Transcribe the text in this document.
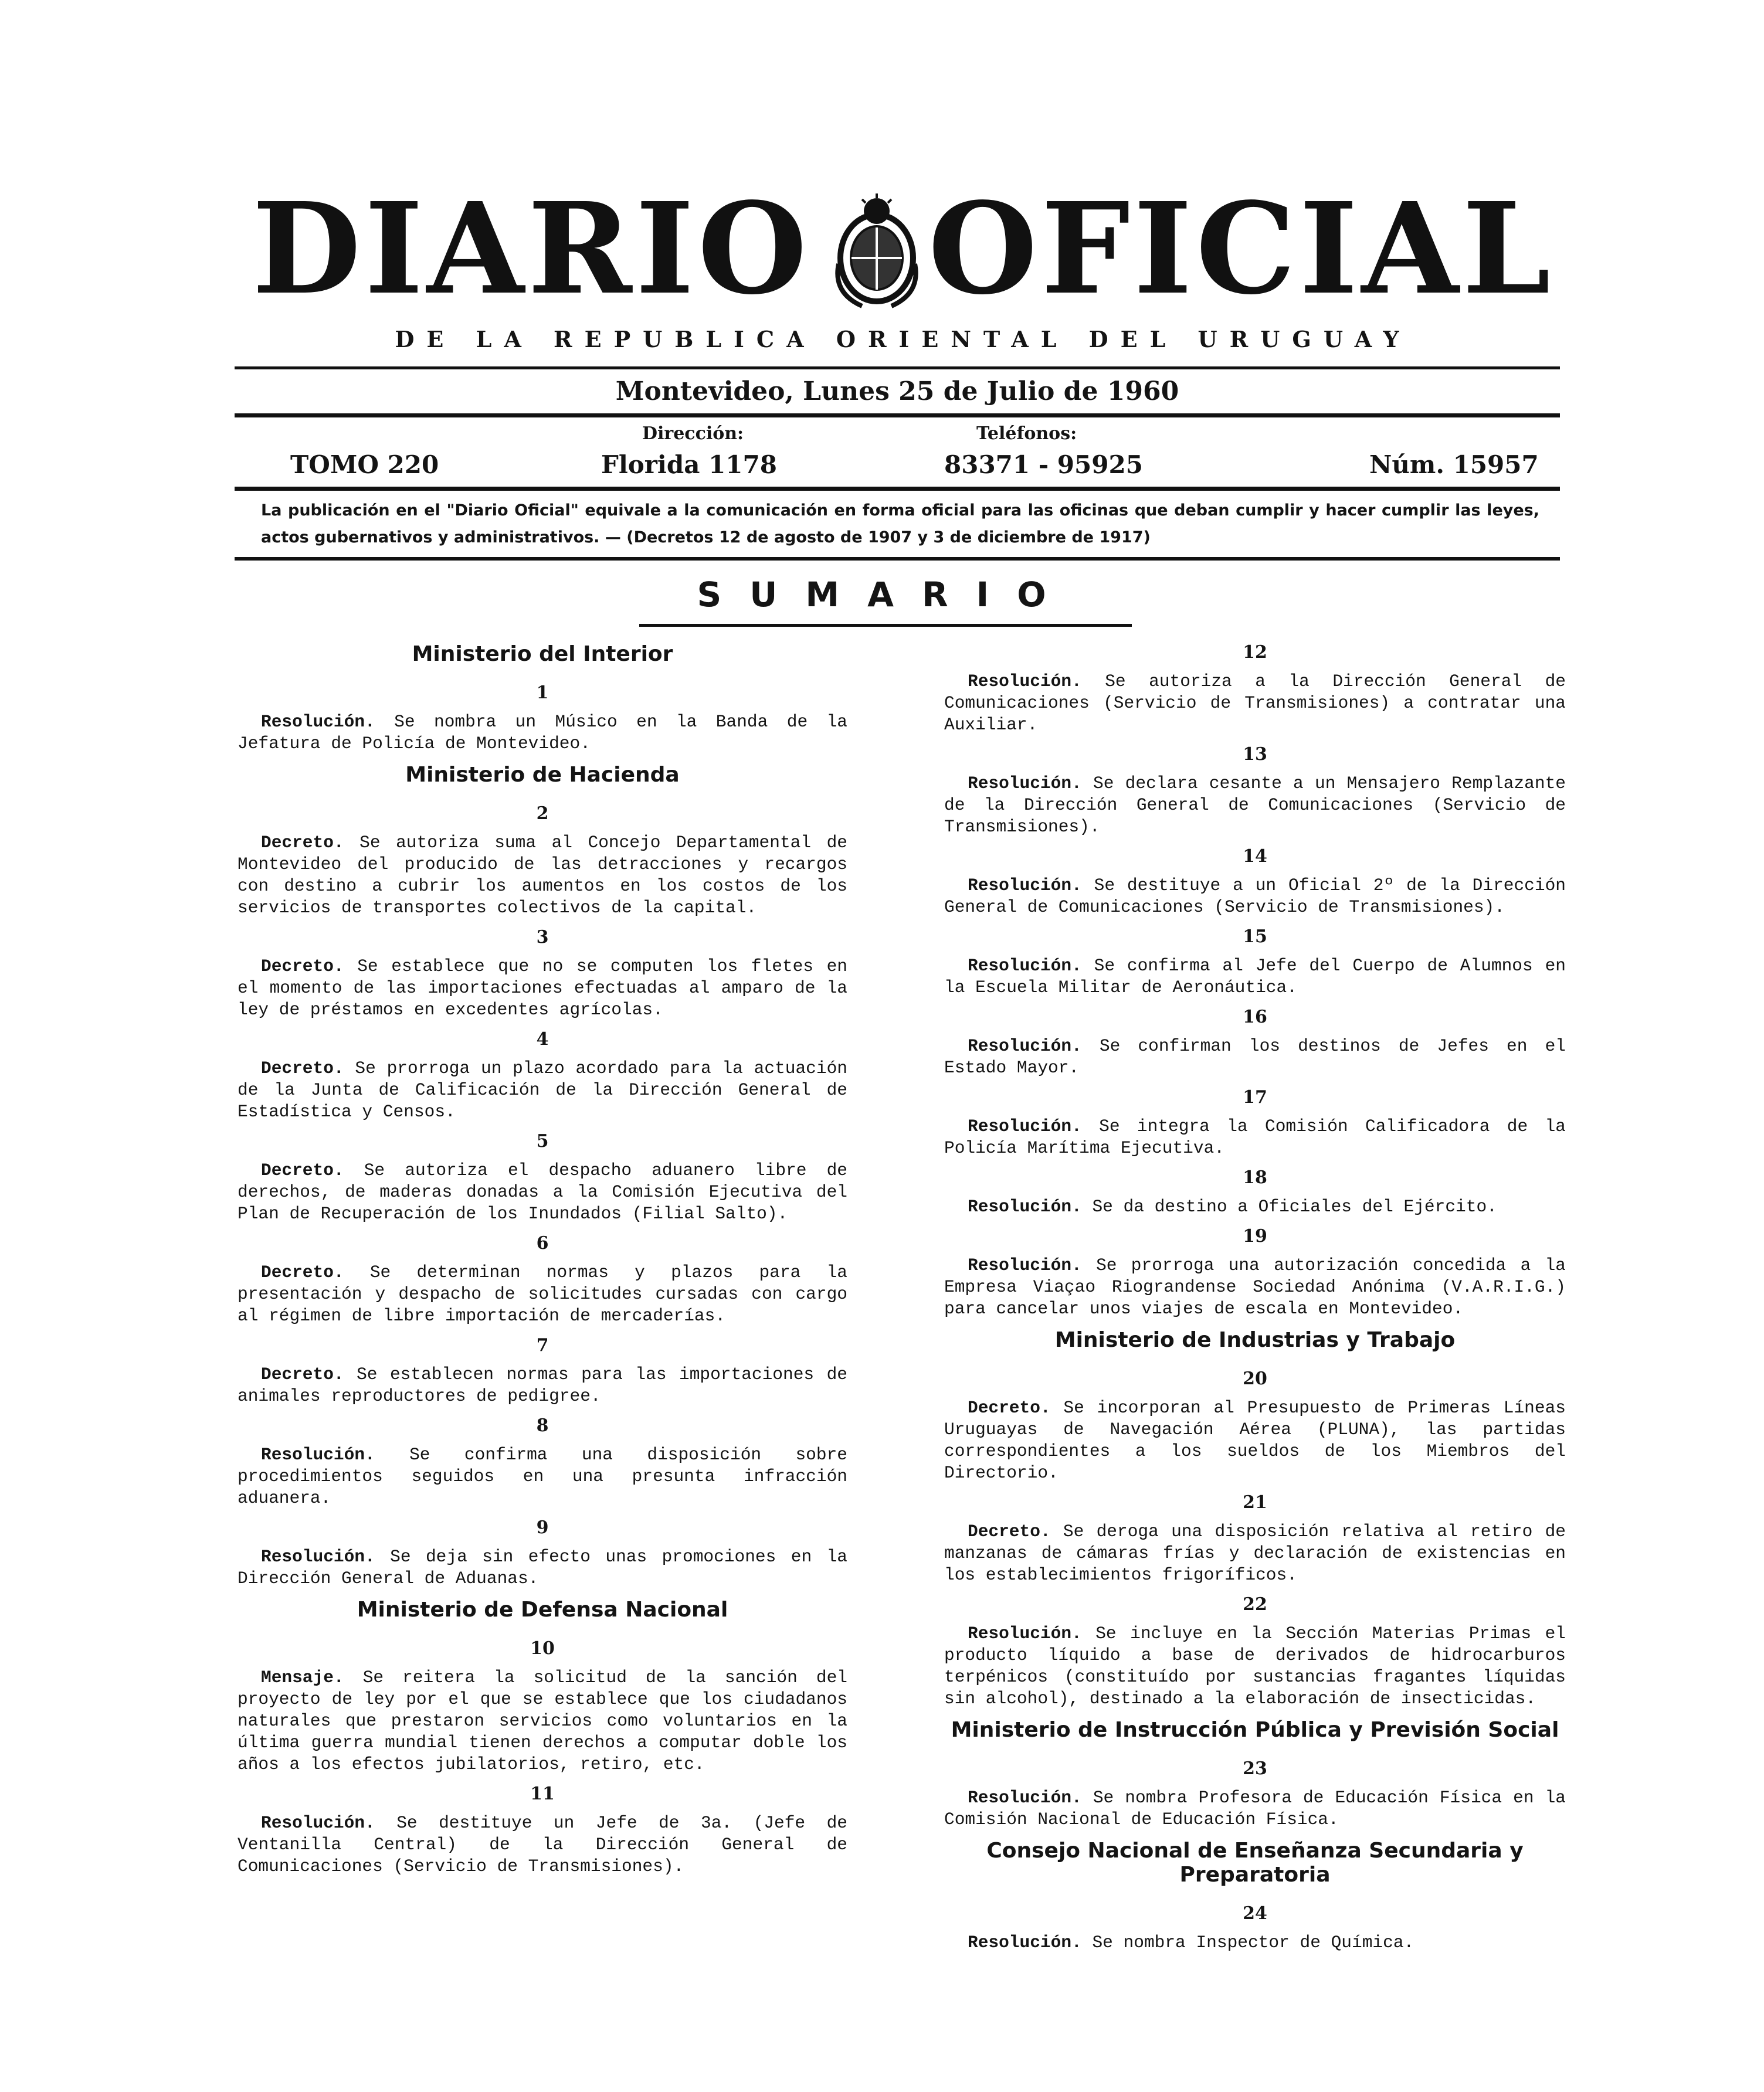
DIARIO OFICIAL
DE LA REPUBLICA ORIENTAL DEL URUGUAY
Montevideo, Lunes 25 de Julio de 1960
Dirección:	Teléfonos:
TOMO 220	Florida 1178	83371 - 95925	Núm. 15957
La publicación en el "Diario Oficial" equivale a la comunicación en forma oficial para las oficinas que deban cumplir y hacer cumplir las leyes, actos gubernativos y administrativos. — (Decretos 12 de agosto de 1907 y 3 de diciembre de 1917)
SUMARIO
Ministerio del Interior
1
Resolución. Se nombra un Músico en la Banda de la Jefatura de Policía de Montevideo.
Ministerio de Hacienda
2
Decreto. Se autoriza suma al Concejo Departamental de Montevideo del producido de las detracciones y recargos con destino a cubrir los aumentos en los costos de los servicios de transportes colectivos de la capital.
3
Decreto. Se establece que no se computen los fletes en el momento de las importaciones efectuadas al amparo de la ley de préstamos en excedentes agrícolas.
4
Decreto. Se prorroga un plazo acordado para la actuación de la Junta de Calificación de la Dirección General de Estadística y Censos.
5
Decreto. Se autoriza el despacho aduanero libre de derechos, de maderas donadas a la Comisión Ejecutiva del Plan de Recuperación de los Inundados (Filial Salto).
6
Decreto. Se determinan normas y plazos para la presentación y despacho de solicitudes cursadas con cargo al régimen de libre importación de mercaderías.
7
Decreto. Se establecen normas para las importaciones de animales reproductores de pedigree.
8
Resolución. Se confirma una disposición sobre procedimientos seguidos en una presunta infracción aduanera.
9
Resolución. Se deja sin efecto unas promociones en la Dirección General de Aduanas.
Ministerio de Defensa Nacional
10
Mensaje. Se reitera la solicitud de la sanción del proyecto de ley por el que se establece que los ciudadanos naturales que prestaron servicios como voluntarios en la última guerra mundial tienen derechos a computar doble los años a los efectos jubilatorios, retiro, etc.
11
Resolución. Se destituye un Jefe de 3a. (Jefe de Ventanilla Central) de la Dirección General de Comunicaciones (Servicio de Transmisiones).
12
Resolución. Se autoriza a la Dirección General de Comunicaciones (Servicio de Transmisiones) a contratar una Auxiliar.
13
Resolución. Se declara cesante a un Mensajero Remplazante de la Dirección General de Comunicaciones (Servicio de Transmisiones).
14
Resolución. Se destituye a un Oficial 2º de la Dirección General de Comunicaciones (Servicio de Transmisiones).
15
Resolución. Se confirma al Jefe del Cuerpo de Alumnos en la Escuela Militar de Aeronáutica.
16
Resolución. Se confirman los destinos de Jefes en el Estado Mayor.
17
Resolución. Se integra la Comisión Calificadora de la Policía Marítima Ejecutiva.
18
Resolución. Se da destino a Oficiales del Ejército.
19
Resolución. Se prorroga una autorización concedida a la Empresa Viaçao Riograndense Sociedad Anónima (V.A.R.I.G.) para cancelar unos viajes de escala en Montevideo.
Ministerio de Industrias y Trabajo
20
Decreto. Se incorporan al Presupuesto de Primeras Líneas Uruguayas de Navegación Aérea (PLUNA), las partidas correspondientes a los sueldos de los Miembros del Directorio.
21
Decreto. Se deroga una disposición relativa al retiro de manzanas de cámaras frías y declaración de existencias en los establecimientos frigoríficos.
22
Resolución. Se incluye en la Sección Materias Primas el producto líquido a base de derivados de hidrocarburos terpénicos (constituído por sustancias fragantes líquidas sin alcohol), destinado a la elaboración de insecticidas.
Ministerio de Instrucción Pública y Previsión Social
23
Resolución. Se nombra Profesora de Educación Física en la Comisión Nacional de Educación Física.
Consejo Nacional de Enseñanza Secundaria y Preparatoria
24
Resolución. Se nombra Inspector de Química.
